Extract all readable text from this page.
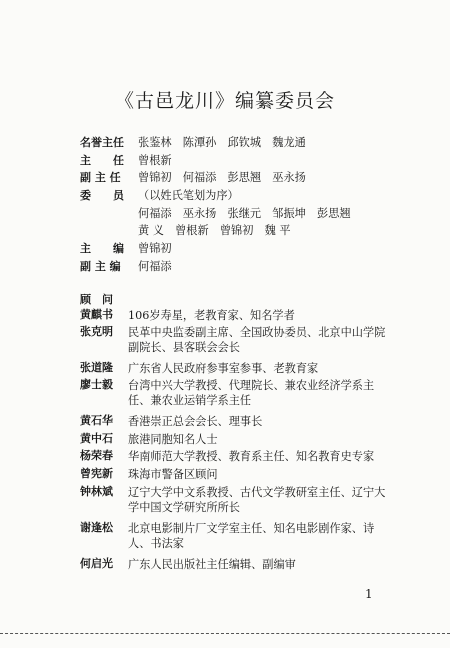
《古邑龙川》编纂委员会
名誉主任 张鉴林　陈潭孙　邱钦城　魏龙通
主　　任 曾根新
副 主 任 曾锦初　何福添　彭思翘　巫永扬
委　　员 （以姓氏笔划为序）
何福添　巫永扬　张继元　邹振坤　彭思翘
黄 义　曾根新　曾锦初　魏 平
主　　编 曾锦初
副 主 编 何福添
顾　问
黄麒书 106岁寿星，老教育家、知名学者
张克明 民革中央监委副主席、全国政协委员、北京中山学院副院长、县客联会会长
张道隆 广东省人民政府参事室参事、老教育家
廖士毅 台湾中兴大学教授、代理院长、兼农业经济学系主任、兼农业运销学系主任
黄石华 香港崇正总会会长、理事长
黄中石 旅港同胞知名人士
杨荣春 华南师范大学教授、教育系主任、知名教育史专家
曾宪新 珠海市警备区顾问
钟林斌 辽宁大学中文系教授、古代文学教研室主任、辽宁大学中国文学研究所所长
谢逢松 北京电影制片厂文学室主任、知名电影剧作家、诗人、书法家
何启光 广东人民出版社主任编辑、副编审
1
